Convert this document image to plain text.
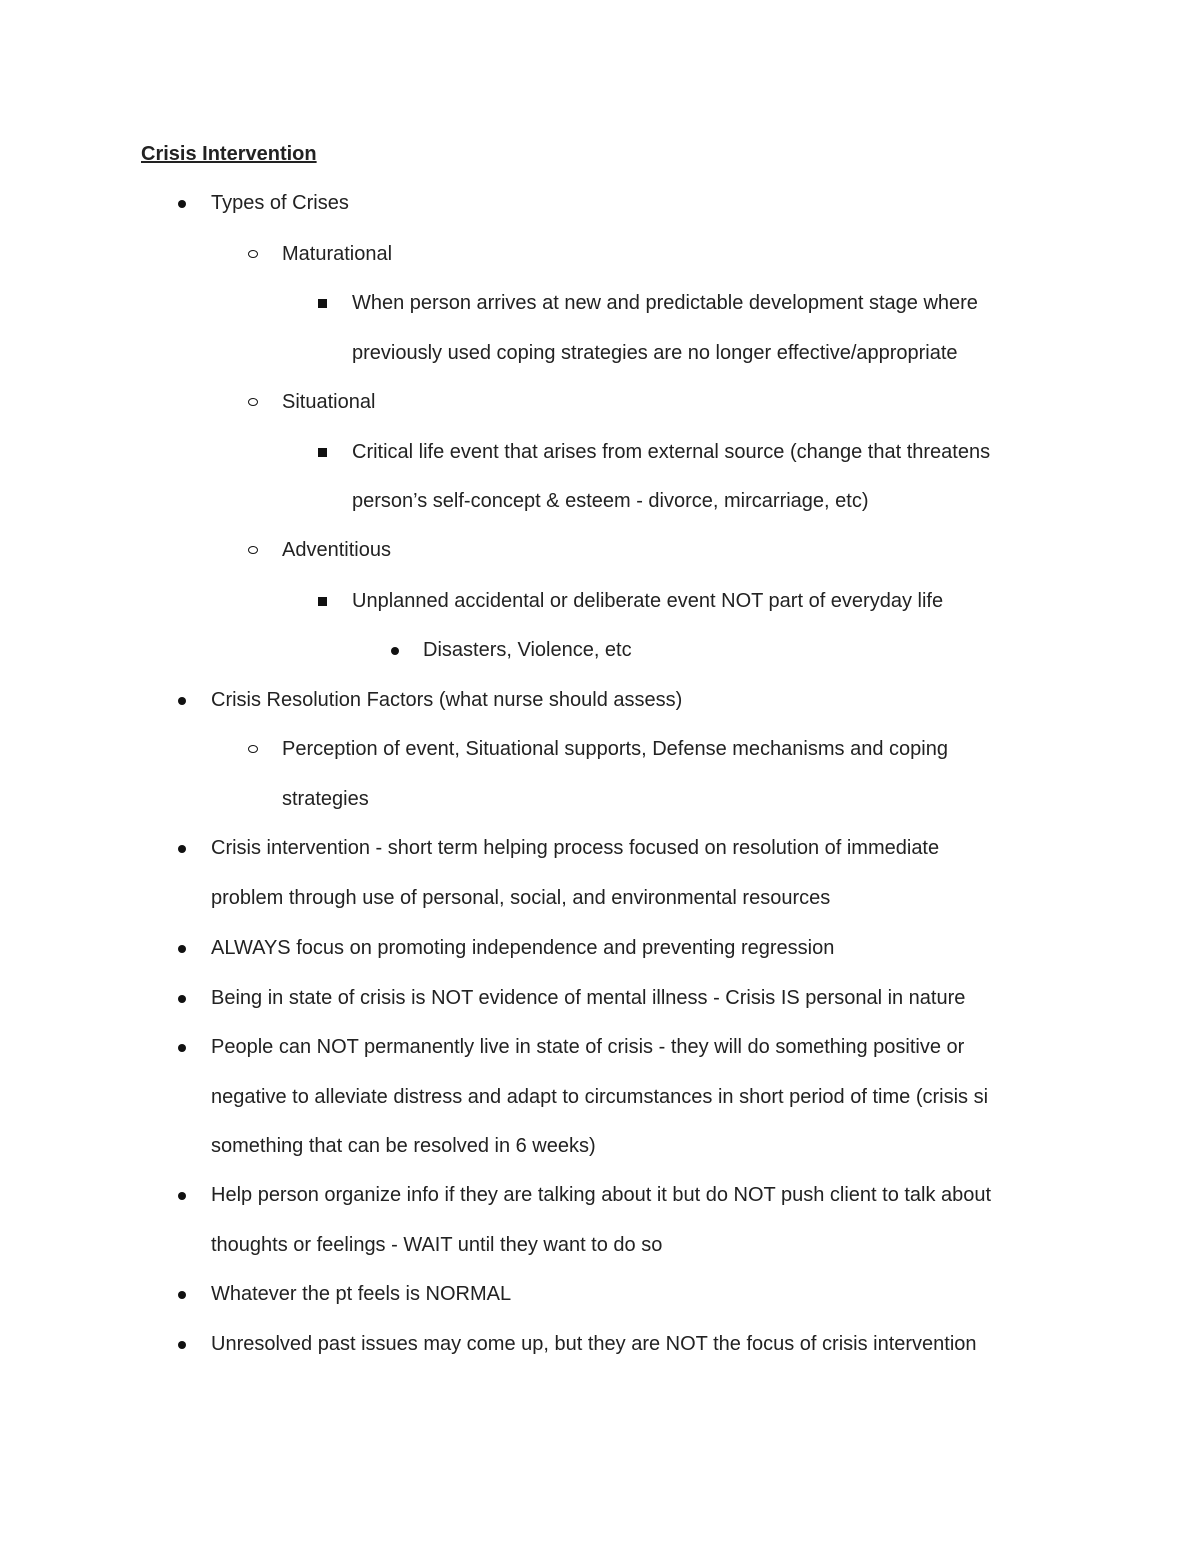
Crisis Intervention
Types of Crises
Maturational
When person arrives at new and predictable development stage where
previously used coping strategies are no longer effective/appropriate
Situational
Critical life event that arises from external source (change that threatens
person’s self-concept & esteem - divorce, mircarriage, etc)
Adventitious
Unplanned accidental or deliberate event NOT part of everyday life
Disasters, Violence, etc
Crisis Resolution Factors (what nurse should assess)
Perception of event, Situational supports, Defense mechanisms and coping
strategies
Crisis intervention - short term helping process focused on resolution of immediate
problem through use of personal, social, and environmental resources
ALWAYS focus on promoting independence and preventing regression
Being in state of crisis is NOT evidence of mental illness - Crisis IS personal in nature
People can NOT permanently live in state of crisis - they will do something positive or
negative to alleviate distress and adapt to circumstances in short period of time (crisis si
something that can be resolved in 6 weeks)
Help person organize info if they are talking about it but do NOT push client to talk about
thoughts or feelings - WAIT until they want to do so
Whatever the pt feels is NORMAL
Unresolved past issues may come up, but they are NOT the focus of crisis intervention
